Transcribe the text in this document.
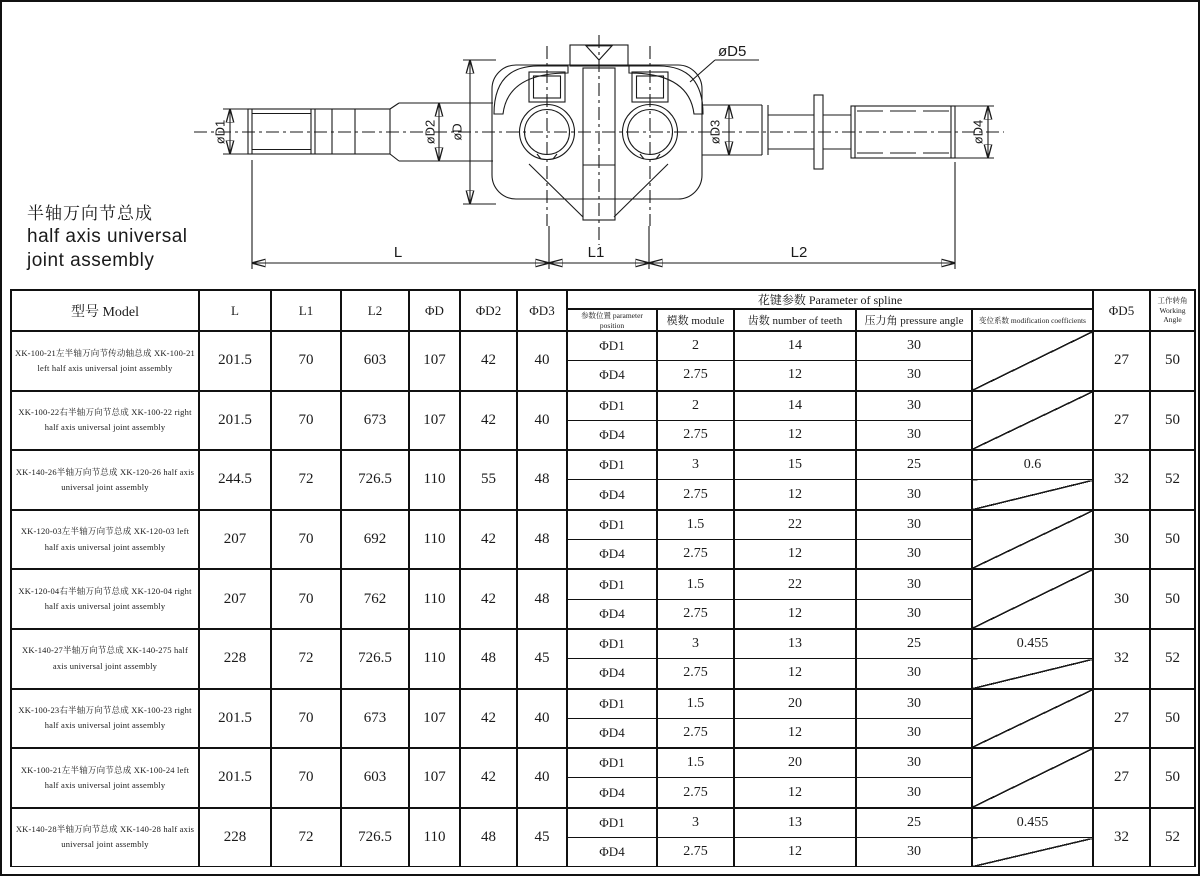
øD1	øD2 øD
øD5
øD3	øD4
L	L1	L2
半轴万向节总成
half axis universal
joint assembly
型号 Model	L	L1	L2	ΦD	ΦD2	ΦD3	花键参数 Parameter of spline					ΦD5	工作转角 Working Angle
							参数位置 parameter position	模数 module	齿数 number of teeth	压力角 pressure angle	变位系数 modification coefficients		
XK-100-21左半轴万向节传动轴总成 XK-100-21 left half axis universal joint assembly	201.5	70	603	107	42	40	ΦD1	2	14	30		27	50
							ΦD4	2.75	12	30			
XK-100-22右半轴万向节总成 XK-100-22 right half axis universal joint assembly	201.5	70	673	107	42	40	ΦD1	2	14	30		27	50
							ΦD4	2.75	12	30			
XK-140-26半轴万向节总成 XK-120-26 half axis universal joint assembly	244.5	72	726.5	110	55	48	ΦD1	3	15	25	0.6	32	52
							ΦD4	2.75	12	30			
XK-120-03左半轴万向节总成 XK-120-03 left half axis universal joint assembly	207	70	692	110	42	48	ΦD1	1.5	22	30		30	50
							ΦD4	2.75	12	30			
XK-120-04右半轴万向节总成 XK-120-04 right half axis universal joint assembly	207	70	762	110	42	48	ΦD1	1.5	22	30		30	50
							ΦD4	2.75	12	30			
XK-140-27半轴万向节总成 XK-140-275 half axis universal joint assembly	228	72	726.5	110	48	45	ΦD1	3	13	25	0.455	32	52
							ΦD4	2.75	12	30			
XK-100-23右半轴万向节总成 XK-100-23 right half axis universal joint assembly	201.5	70	673	107	42	40	ΦD1	1.5	20	30		27	50
							ΦD4	2.75	12	30			
XK-100-21左半轴万向节总成 XK-100-24 left half axis universal joint assembly	201.5	70	603	107	42	40	ΦD1	1.5	20	30		27	50
							ΦD4	2.75	12	30			
XK-140-28半轴万向节总成 XK-140-28 half axis universal joint assembly	228	72	726.5	110	48	45	ΦD1	3	13	25	0.455	32	52
							ΦD4	2.75	12	30			
